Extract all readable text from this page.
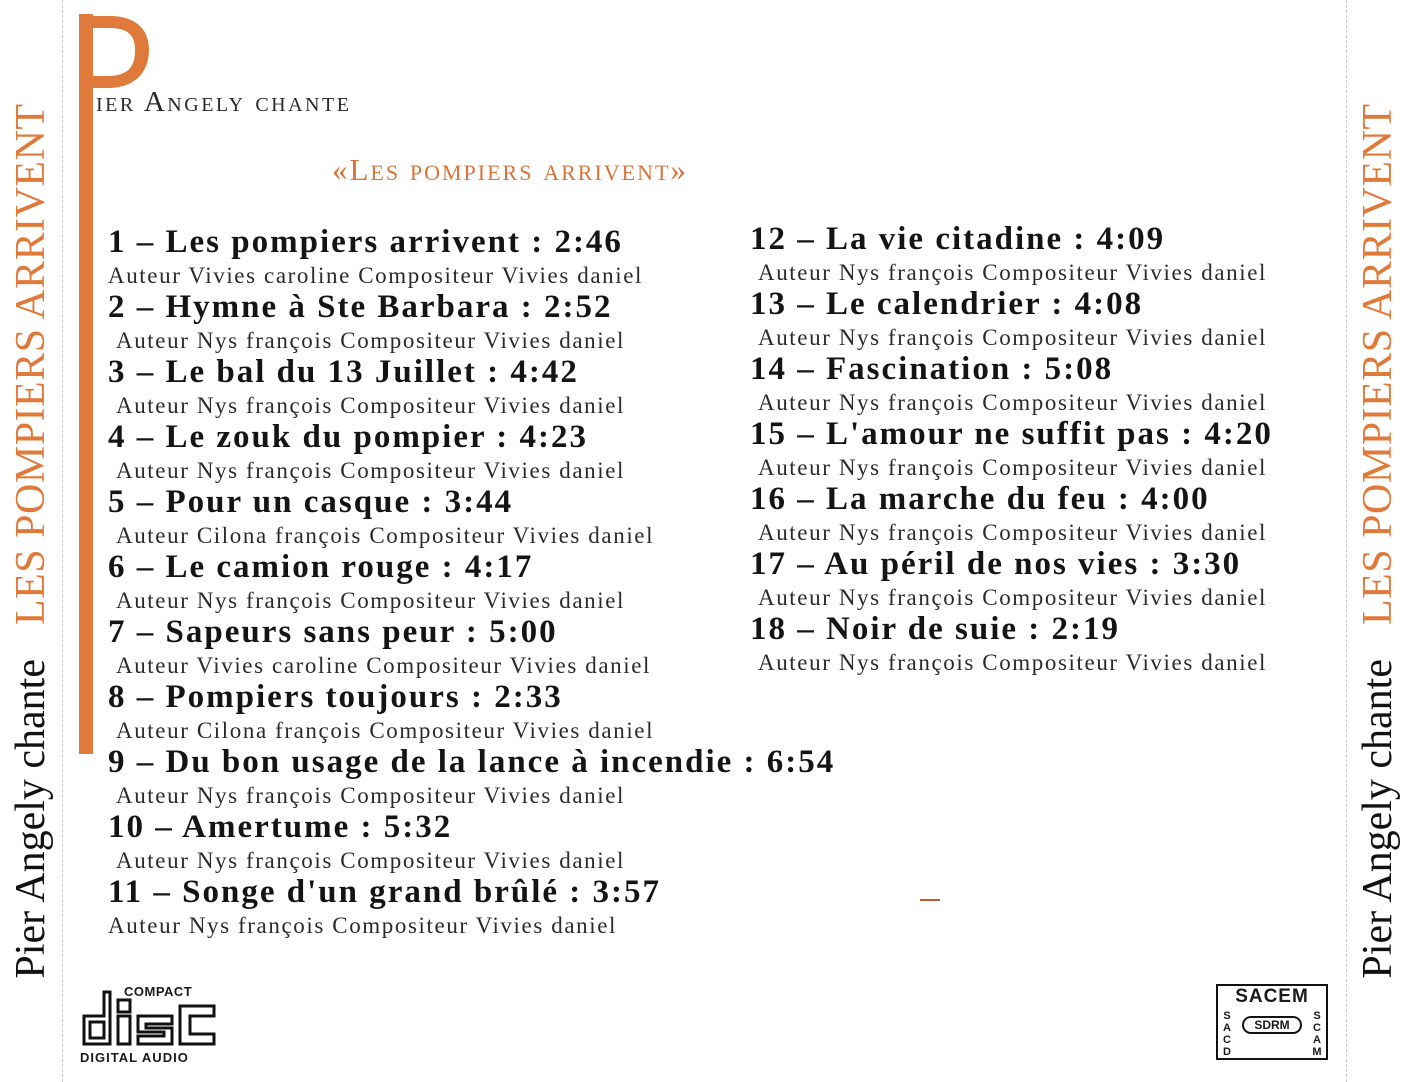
Pier Angely chante
LES POMPIERS ARRIVENT
Pier Angely chante
LES POMPIERS ARRIVENT
ier Angely chante
«Les pompiers arrivent»
1 – Les pompiers arrivent : 2:46
Auteur Vivies caroline Compositeur Vivies daniel
2 – Hymne à Ste Barbara : 2:52
Auteur Nys françois Compositeur Vivies daniel
3 – Le bal du 13 Juillet : 4:42
Auteur Nys françois Compositeur Vivies daniel
4 – Le zouk du pompier : 4:23
Auteur Nys françois Compositeur Vivies daniel
5 – Pour un casque : 3:44
Auteur Cilona françois Compositeur Vivies daniel
6 – Le camion rouge : 4:17
Auteur Nys françois Compositeur Vivies daniel
7 – Sapeurs sans peur : 5:00
Auteur Vivies caroline Compositeur Vivies daniel
8 – Pompiers toujours : 2:33
Auteur Cilona françois Compositeur Vivies daniel
9 – Du bon usage de la lance à incendie : 6:54
Auteur Nys françois Compositeur Vivies daniel
10 – Amertume : 5:32
Auteur Nys françois Compositeur Vivies daniel
11 – Songe d'un grand brûlé : 3:57
Auteur Nys françois Compositeur Vivies daniel
12 – La vie citadine : 4:09
Auteur Nys françois Compositeur Vivies daniel
13 – Le calendrier : 4:08
Auteur Nys françois Compositeur Vivies daniel
14 – Fascination : 5:08
Auteur Nys françois Compositeur Vivies daniel
15 – L'amour ne suffit pas : 4:20
Auteur Nys françois Compositeur Vivies daniel
16 – La marche du feu : 4:00
Auteur Nys françois Compositeur Vivies daniel
17 – Au péril de nos vies : 3:30
Auteur Nys françois Compositeur Vivies daniel
18 – Noir de suie : 2:19
Auteur Nys françois Compositeur Vivies daniel
COMPACT
DIGITAL AUDIO
SACEM
SACD
SDRM
SCAM
